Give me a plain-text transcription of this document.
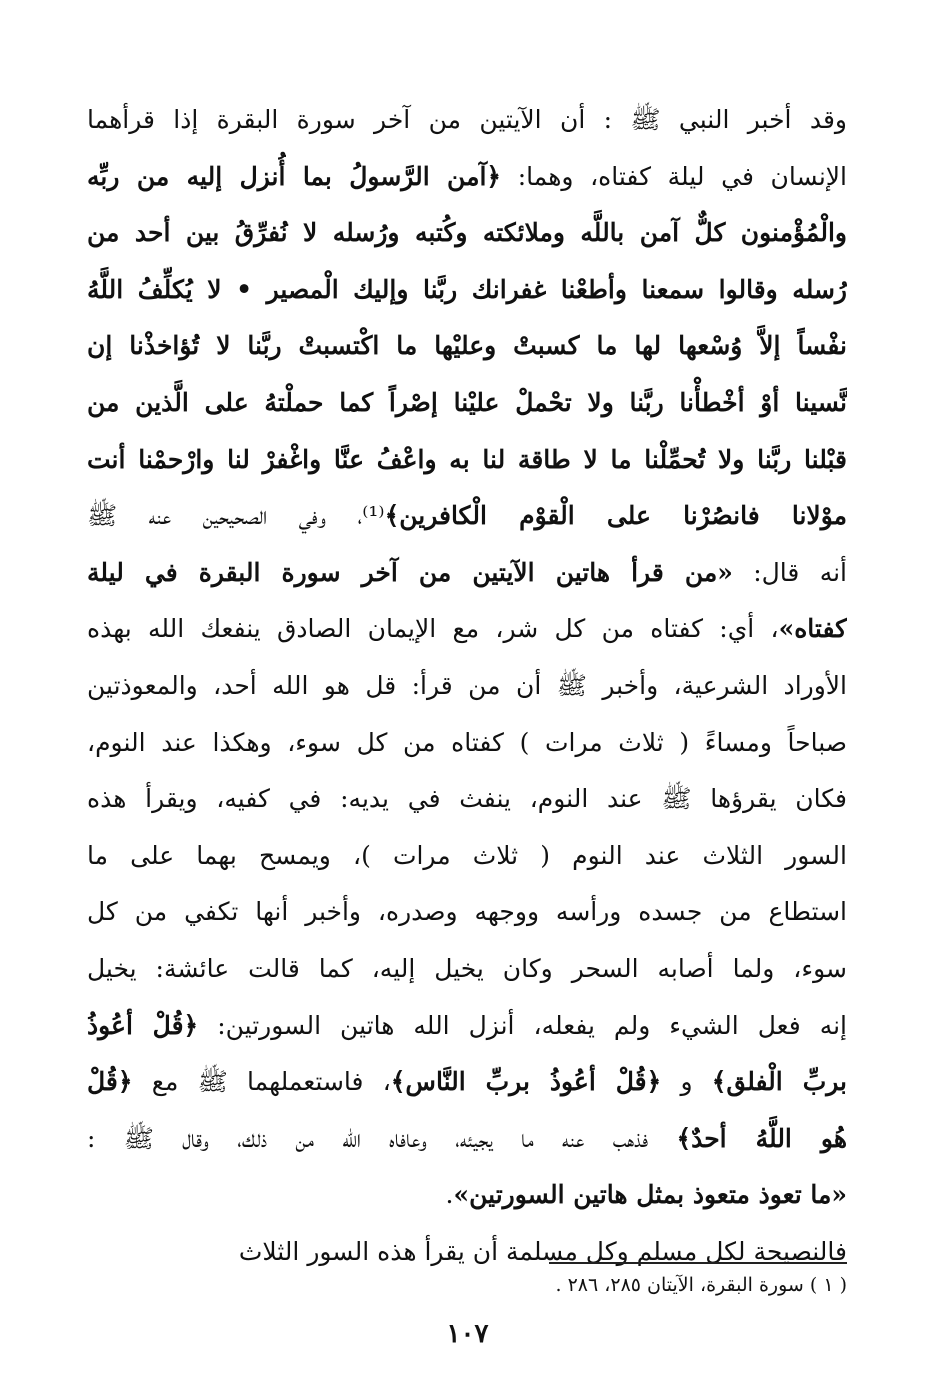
وقد أخبر النبي ﷺ : أن الآيتين من آخر سورة البقرة إذا قرأهما
الإنسان في ليلة كفتاه، وهما: ﴿آمن الرَّسولُ بما أُنزل إليه من ربِّه
والْمُؤْمنون كلٌّ آمن باللَّه وملائكته وكُتبه ورُسله لا نُفرِّقُ بين أحد من
رُسله وقالوا سمعنا وأطعْنا غفرانك ربَّنا وإليك الْمصير • لا يُكلِّفُ اللَّهُ
نفْساً إلاَّ وُسْعها لها ما كسبتْ وعليْها ما اكْتسبتْ ربَّنا لا تُؤاخذْنا إن
نَّسينا أوْ أخْطأْنا ربَّنا ولا تحْملْ عليْنا إصْراً كما حملْتهُ على الَّذين من
قبْلنا ربَّنا ولا تُحمِّلْنا ما لا طاقة لنا به واعْفُ عنَّا واغْفرْ لنا وارْحمْنا أنت
موْلانا فانصُرْنا على الْقوْم الْكافرين﴾⁽¹⁾، وفي الصحيحين عنه ﷺ
أنه قال: «من قرأ هاتين الآيتين من آخر سورة البقرة في ليلة
كفتاه»، أي: كفتاه من كل شر، مع الإيمان الصادق ينفعك الله بهذه
الأوراد الشرعية، وأخبر ﷺ أن من قرأ: قل هو الله أحد، والمعوذتين
صباحاً ومساءً ( ثلاث مرات ) كفتاه من كل سوء، وهكذا عند النوم،
فكان يقرؤها ﷺ عند النوم، ينفث في يديه: في كفيه، ويقرأ هذه
السور الثلاث عند النوم ( ثلاث مرات )، ويمسح بهما على ما
استطاع من جسده ورأسه ووجهه وصدره، وأخبر أنها تكفي من كل
سوء، ولما أصابه السحر وكان يخيل إليه، كما قالت عائشة: يخيل
إنه فعل الشيء ولم يفعله، أنزل الله هاتين السورتين: ﴿قُلْ أعُوذُ
بربِّ الْفلق﴾ و ﴿قُلْ أعُوذُ بربِّ النَّاس﴾، فاستعملهما ﷺ مع ﴿قُلْ
هُو اللَّهُ أحدٌ﴾ فذهب عنه ما يجيئه، وعافاه الله من ذلك، وقال ﷺ :
«ما تعوذ متعوذ بمثل هاتين السورتين».
فالنصيحة لكل مسلم وكل مسلمة أن يقرأ هذه السور الثلاث
( ١ ) سورة البقرة، الآيتان ٢٨٥، ٢٨٦ .
١٠٧
